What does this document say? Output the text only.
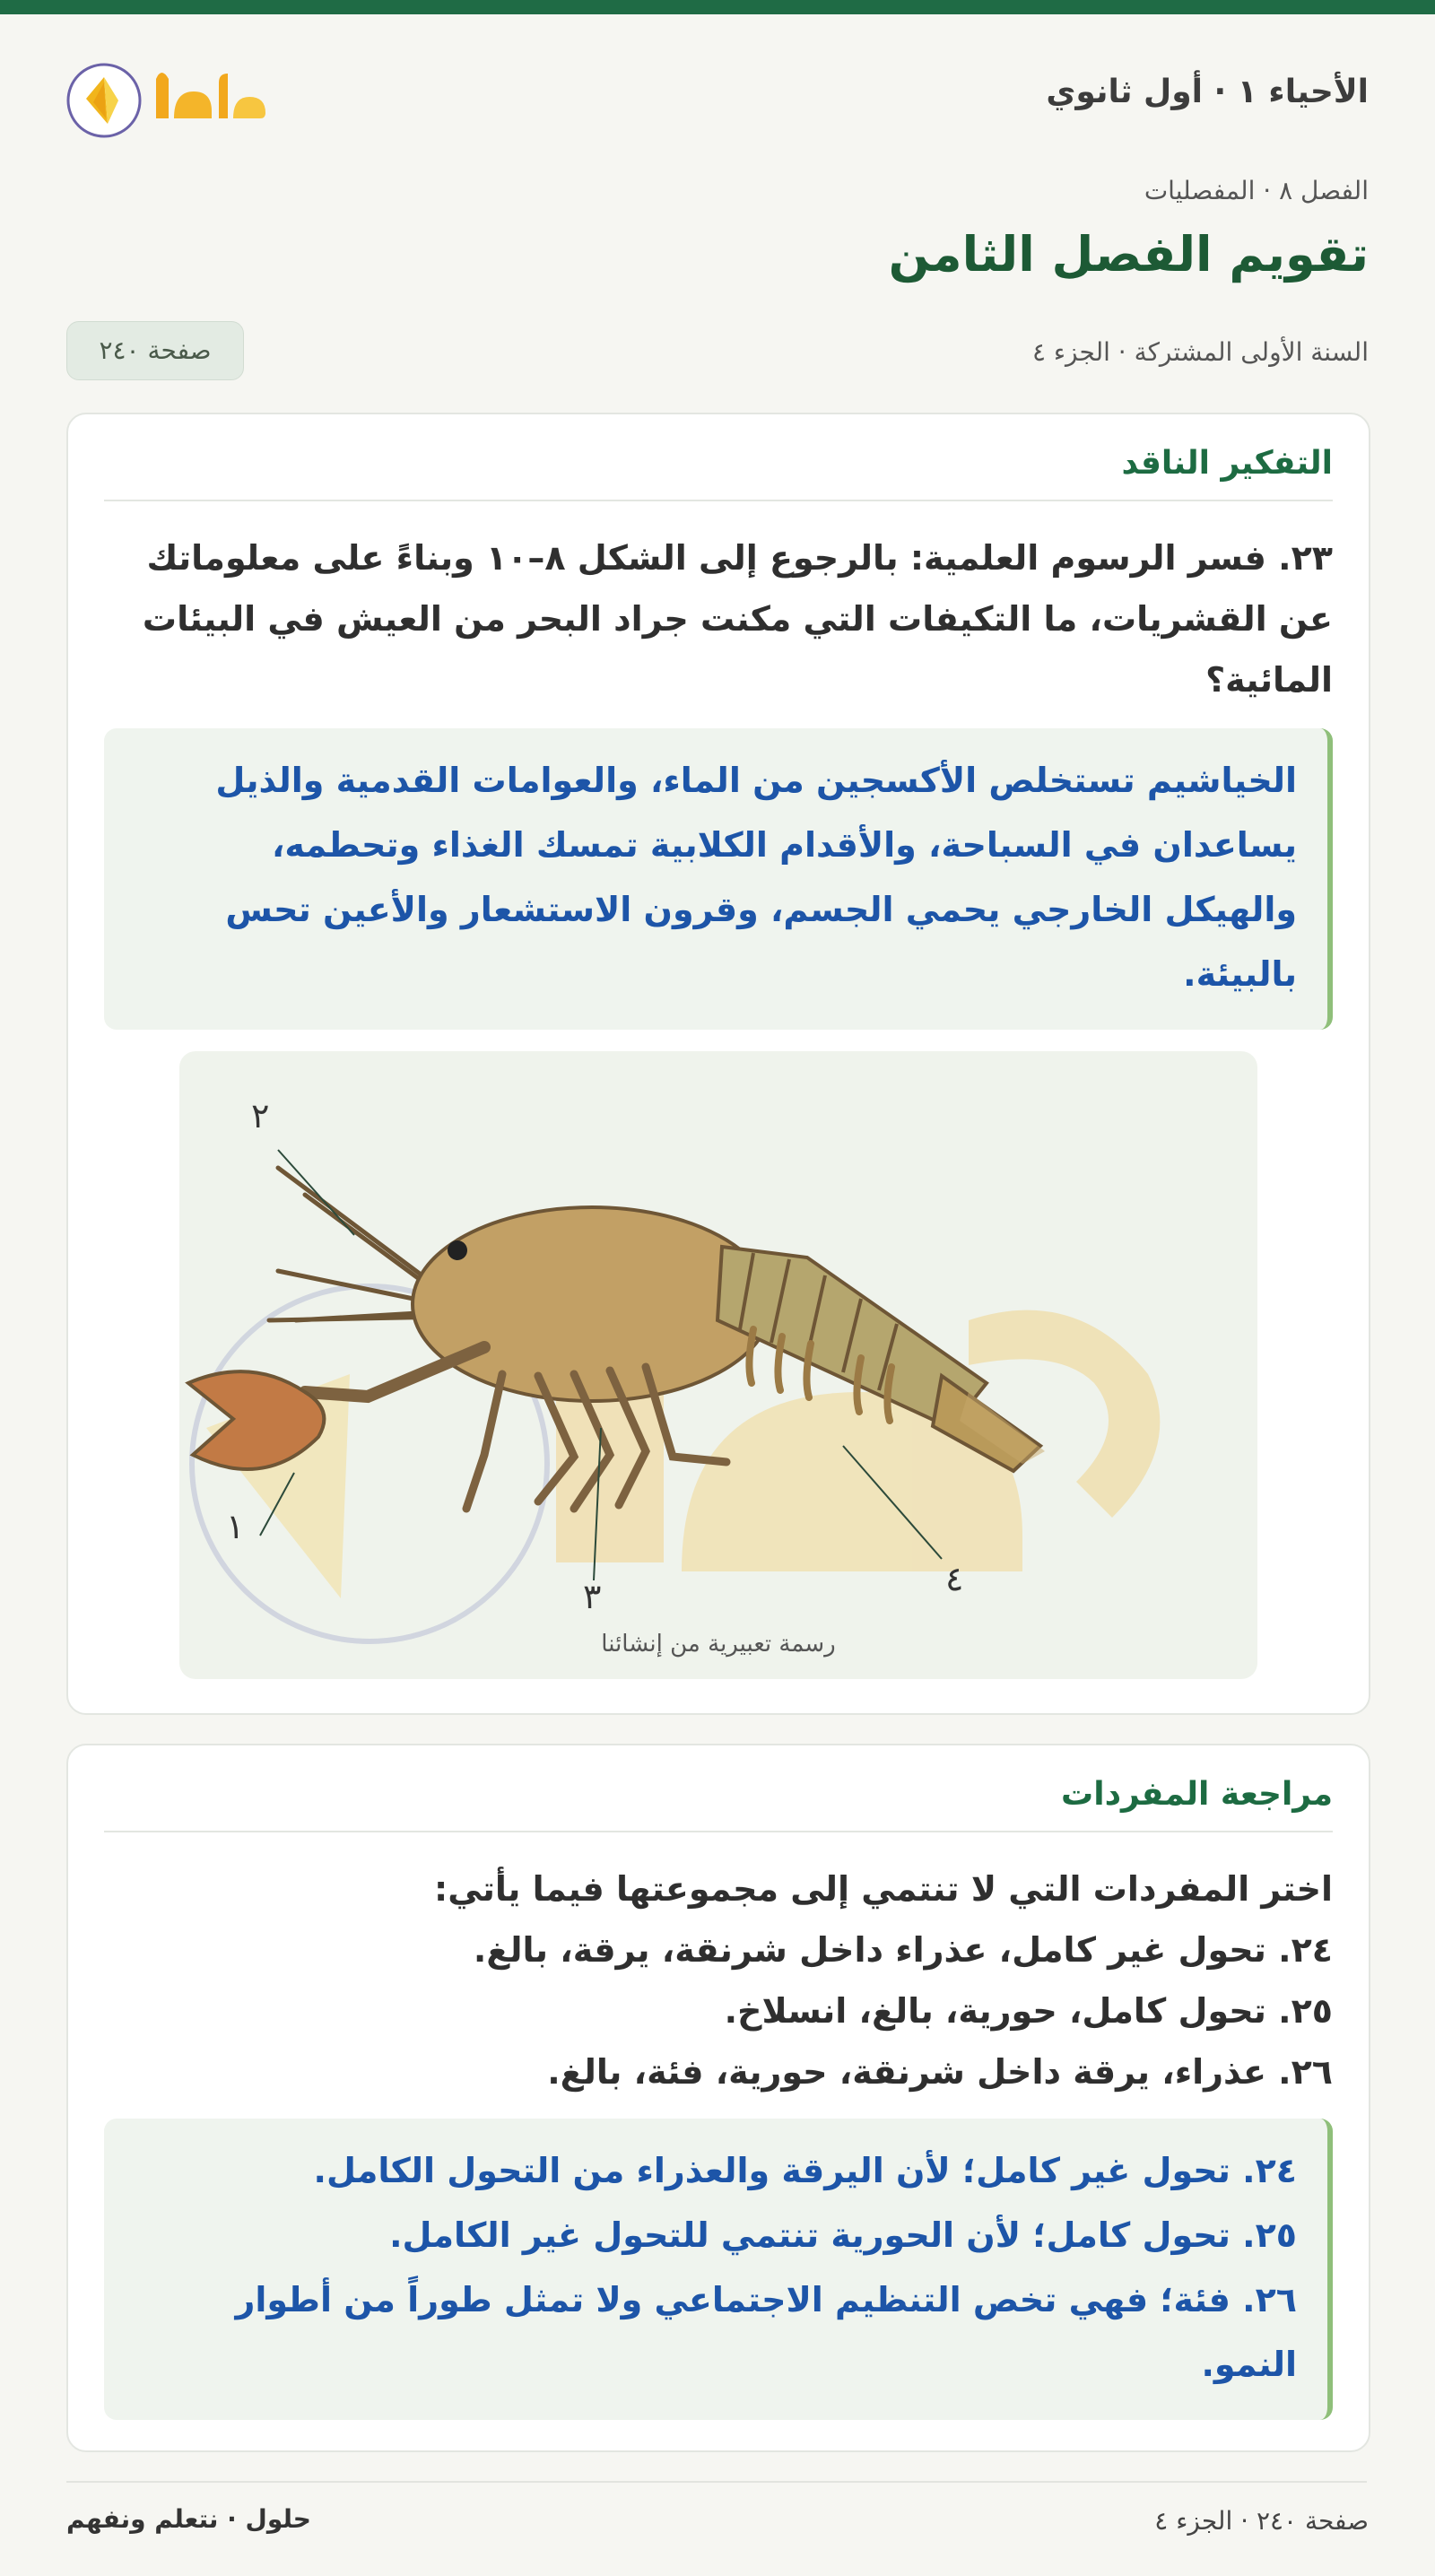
الأحياء ١ · أول ثانوي
الفصل ٨ · المفصليات
تقويم الفصل الثامن
السنة الأولى المشتركة · الجزء ٤
صفحة ٢٤٠
التفكير الناقد
٢٣. فسر الرسوم العلمية: بالرجوع إلى الشكل ٨–١٠ وبناءً على معلوماتك عن القشريات، ما التكيفات التي مكنت جراد البحر من العيش في البيئات المائية؟
الخياشيم تستخلص الأكسجين من الماء، والعوامات القدمية والذيل يساعدان في السباحة، والأقدام الكلابية تمسك الغذاء وتحطمه، والهيكل الخارجي يحمي الجسم، وقرون الاستشعار والأعين تحس بالبيئة.
١
٢
٣	٤
رسمة تعبيرية من إنشائنا
مراجعة المفردات
اختر المفردات التي لا تنتمي إلى مجموعتها فيما يأتي:
٢٤. تحول غير كامل، عذراء داخل شرنقة، يرقة، بالغ.
٢٥. تحول كامل، حورية، بالغ، انسلاخ.
٢٦. عذراء، يرقة داخل شرنقة، حورية، فئة، بالغ.
٢٤. تحول غير كامل؛ لأن اليرقة والعذراء من التحول الكامل.
٢٥. تحول كامل؛ لأن الحورية تنتمي للتحول غير الكامل.
٢٦. فئة؛ فهي تخص التنظيم الاجتماعي ولا تمثل طوراً من أطوار النمو.
صفحة ٢٤٠ · الجزء ٤
حلول · نتعلم ونفهم
